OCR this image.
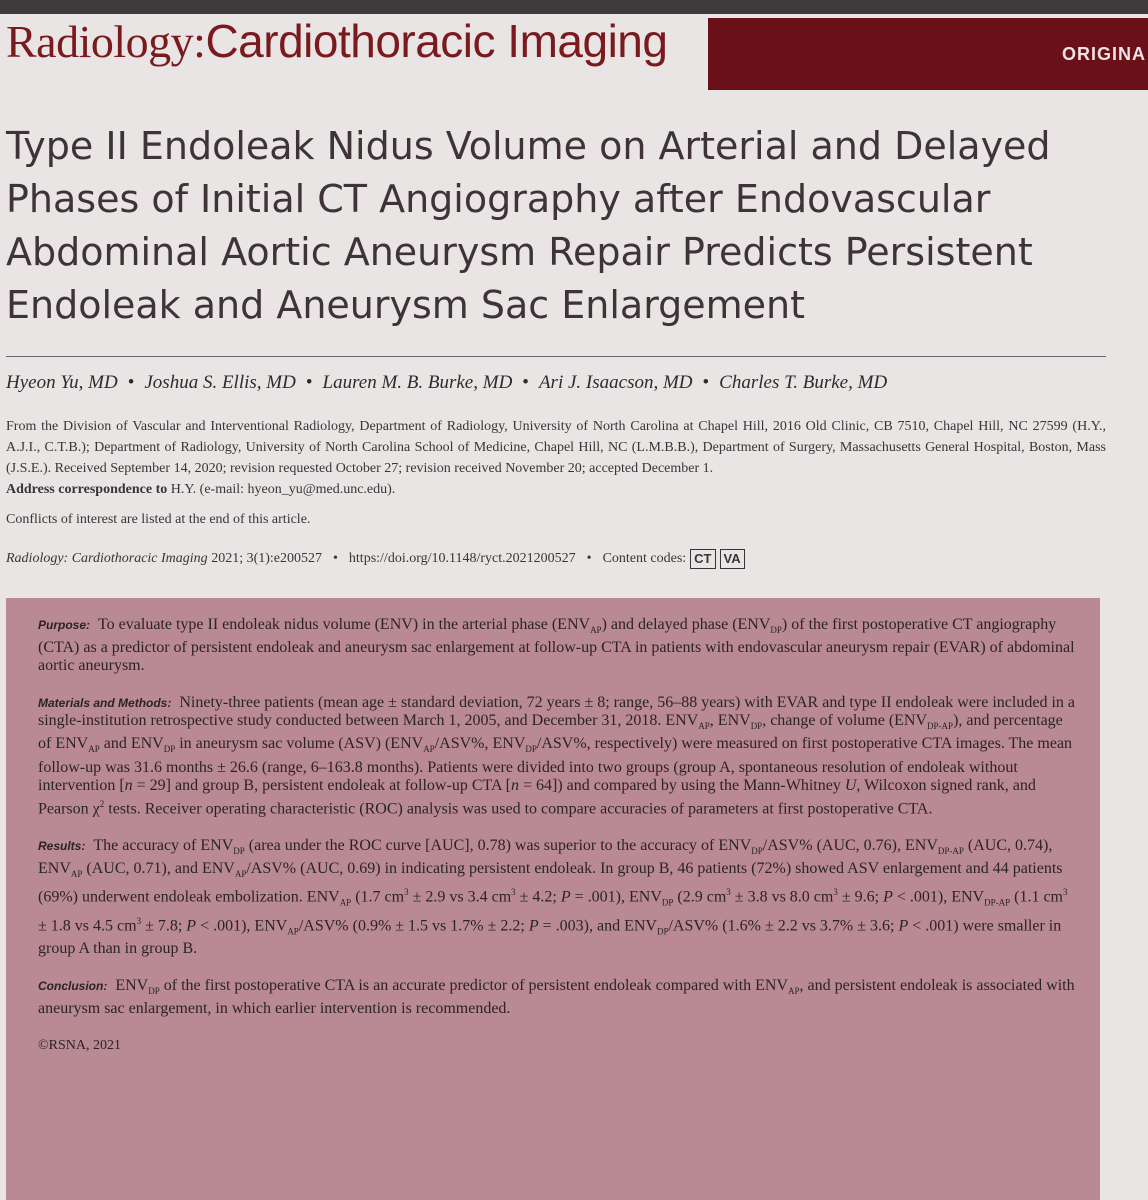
Radiology:Cardiothoracic Imaging	ORIGINA
Type II Endoleak Nidus Volume on Arterial and Delayed Phases of Initial CT Angiography after Endovascular Abdominal Aortic Aneurysm Repair Predicts Persistent Endoleak and Aneurysm Sac Enlargement
Hyeon Yu, MD • Joshua S. Ellis, MD • Lauren M. B. Burke, MD • Ari J. Isaacson, MD • Charles T. Burke, MD
From the Division of Vascular and Interventional Radiology, Department of Radiology, University of North Carolina at Chapel Hill, 2016 Old Clinic, CB 7510, Chapel Hill, NC 27599 (H.Y., A.J.I., C.T.B.); Department of Radiology, University of North Carolina School of Medicine, Chapel Hill, NC (L.M.B.B.), Department of Surgery, Massachusetts General Hospital, Boston, Mass (J.S.E.). Received September 14, 2020; revision requested October 27; revision received November 20; accepted December 1.
Address correspondence to H.Y. (e-mail: hyeon_yu@med.unc.edu).
Conflicts of interest are listed at the end of this article.
Radiology: Cardiothoracic Imaging
2021; 3(1):e200527 • https://doi.org/10.1148/ryct.2021200527 • Content codes: CT VA

Purpose: To evaluate type II endoleak nidus volume (ENV) in the arterial phase $(ENV_{AP})$ and delayed phase $(ENV_{DP})$ of the first postoperative CT angiography (CTA) as a predictor of persistent endoleak and aneurysm sac enlargement at follow-up CTA in patients with endovascular aneurysm repair (EVAR) of abdominal aortic aneurysm.

Materials and Methods: Ninety-three patients (mean age ± standard deviation, 72 years ± 8; range, 56–88 years) with EVAR and type II endoleak were included in a single-institution retrospective study conducted between March 1, 2005, and December 31, 2018. $ENV_{AP}$, $ENV_{DP}$, change of volume $(ENV_{DP-AP})$, and percentage of $ENV_{AP}$ and $ENV_{DP}$ in aneurysm sac volume (ASV) ($ENV_{AP}/ASV\%$, $ENV_{DP}/ASV\%$, respectively) were measured on first postoperative CTA images. The mean follow-up was 31.6 months ± 26.6 (range, 6–163.8 months). Patients were divided into two groups (group A, spontaneous resolution of endoleak without intervention [n = 29] and group B, persistent endoleak at follow-up CTA [n = 64]) and compared by using the Mann-Whitney U, Wilcoxon signed rank, and Pearson $\chi^2$ tests. Receiver operating characteristic (ROC) analysis was used to compare accuracies of parameters at first postoperative CTA.

Results: The accuracy of $ENV_{DP}$ (area under the ROC curve [AUC], 0.78) was superior to the accuracy of $ENV_{DP}/ASV\%$ (AUC, 0.76), $ENV_{DP-AP}$ (AUC, 0.74), $ENV_{AP}$ (AUC, 0.71), and $ENV_{AP}/ASV\%$ (AUC, 0.69) in indicating persistent endoleak. In group B, 46 patients (72%) showed ASV enlargement and 44 patients (69%) underwent endoleak embolization. $ENV_{AP}$ (1.7 $cm^3 \pm 2.9$ vs 3.4 $cm^3 \pm 4.2$; P = .001), $ENV_{DP}$ (2.9 $cm^3 \pm 3.8$ vs 8.0 $cm^3 \pm 9.6$; P < .001), $ENV_{DP-AP}$ (1.1 $cm^3 \pm 1.8$ vs 4.5 $cm^3 \pm 7.8$; P < .001), $ENV_{AP}/ASV\%$ (0.9% ± 1.5 vs 1.7% ± 2.2; P = .003), and $ENV_{DP}/ASV\%$ (1.6% ± 2.2 vs 3.7% ± 3.6; P < .001) were smaller in group A than in group B.

Conclusion: $ENV_{DP}$ of the first postoperative CTA is an accurate predictor of persistent endoleak compared with $ENV_{AP}$, and persistent endoleak is associated with aneurysm sac enlargement, in which earlier intervention is recommended.

©RSNA, 2021
